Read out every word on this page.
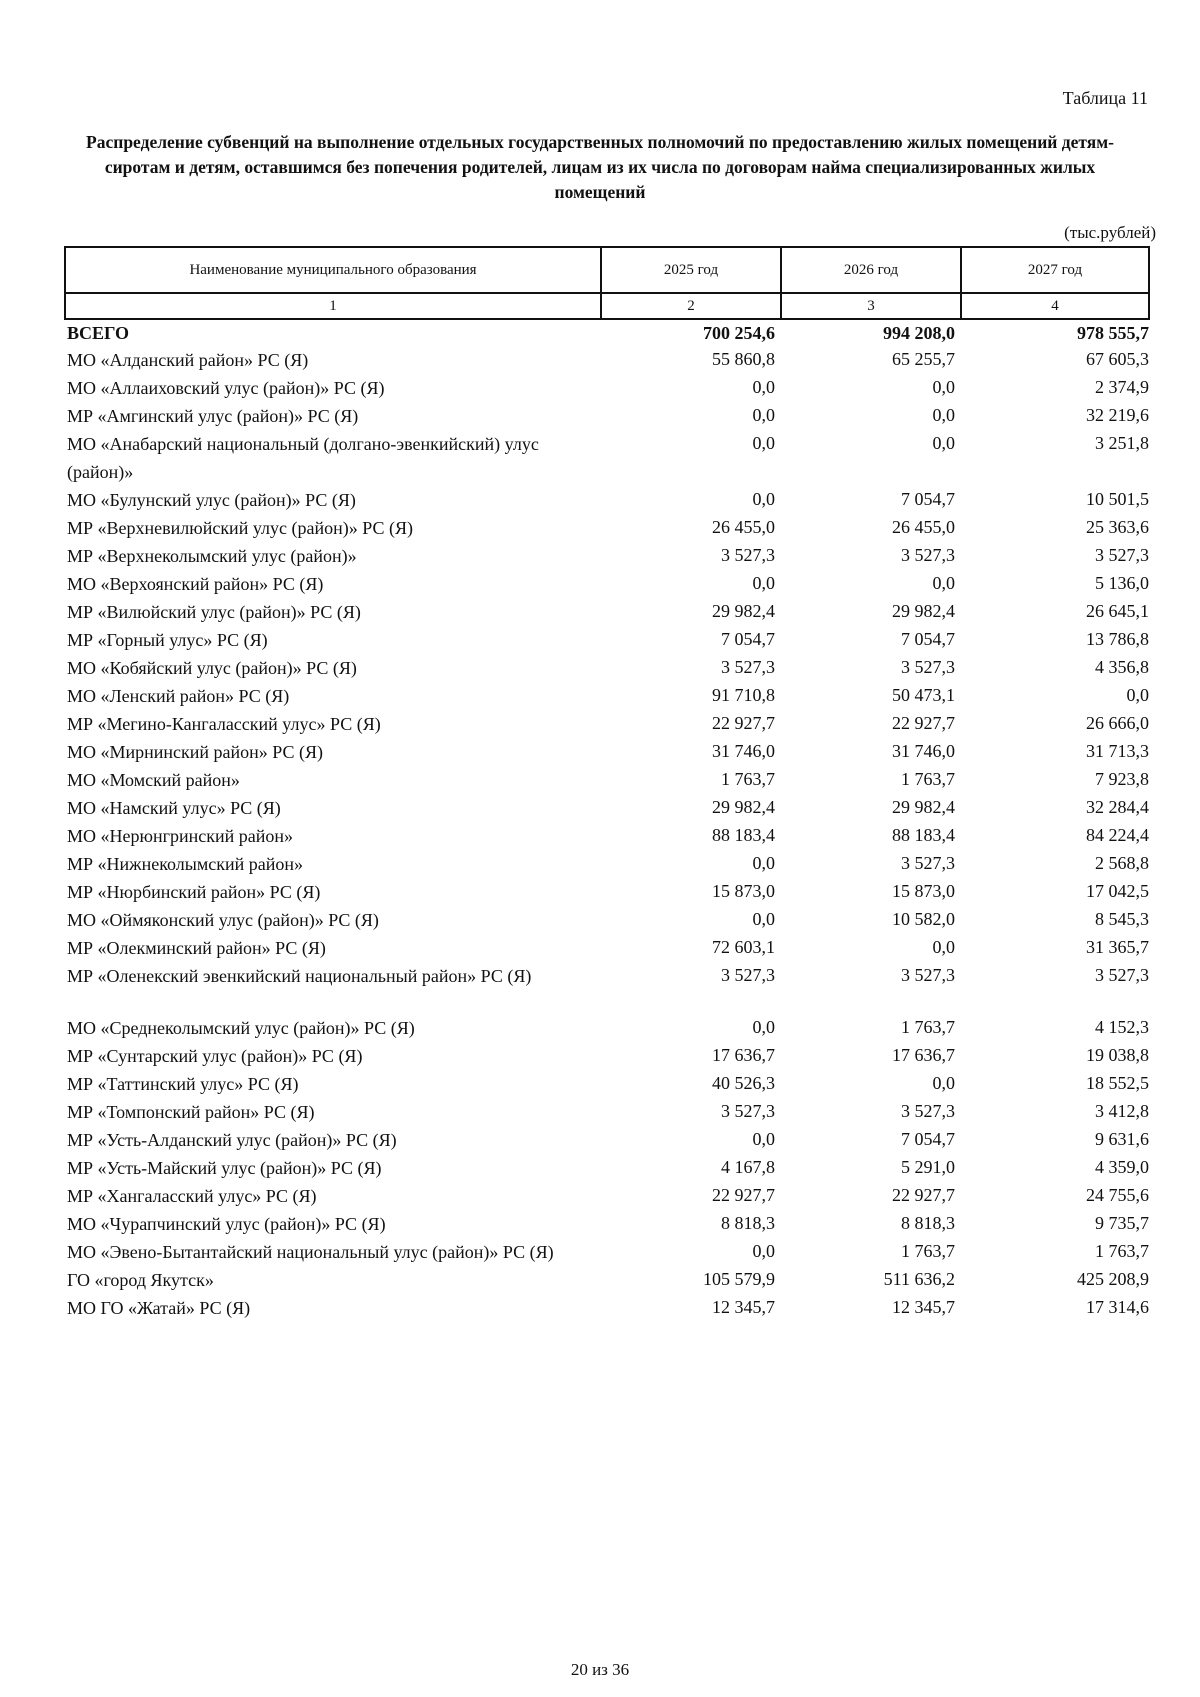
Таблица 11
Распределение субвенций на выполнение отдельных государственных полномочий по предоставлению жилых помещений детям-сиротам и детям, оставшимся без попечения родителей, лицам из их числа по договорам найма специализированных жилых помещений
(тыс.рублей)
Наименование муниципального образования	2025 год	2026 год	2027 год
1	2	3	4
ВСЕГО	700 254,6	994 208,0	978 555,7
МО «Алданский район» РС (Я)	55 860,8	65 255,7	67 605,3
МО «Аллаиховский улус (район)» РС (Я)	0,0	0,0	2 374,9
МР «Амгинский улус (район)» РС (Я)	0,0	0,0	32 219,6
МО «Анабарский национальный (долгано-эвенкийский) улус (район)»	0,0	0,0	3 251,8
МО «Булунский улус (район)» РС (Я)	0,0	7 054,7	10 501,5
МР «Верхневилюйский улус (район)» РС (Я)	26 455,0	26 455,0	25 363,6
МР «Верхнеколымский улус (район)»	3 527,3	3 527,3	3 527,3
МО «Верхоянский район» РС (Я)	0,0	0,0	5 136,0
МР «Вилюйский улус (район)» РС (Я)	29 982,4	29 982,4	26 645,1
МР «Горный улус» РС (Я)	7 054,7	7 054,7	13 786,8
МО «Кобяйский улус (район)» РС (Я)	3 527,3	3 527,3	4 356,8
МО «Ленский район» РС (Я)	91 710,8	50 473,1	0,0
МР «Мегино-Кангаласский улус» РС (Я)	22 927,7	22 927,7	26 666,0
МО «Мирнинский район» РС (Я)	31 746,0	31 746,0	31 713,3
МО «Момский район»	1 763,7	1 763,7	7 923,8
МО «Намский улус» РС (Я)	29 982,4	29 982,4	32 284,4
МО «Нерюнгринский район»	88 183,4	88 183,4	84 224,4
МР «Нижнеколымский район»	0,0	3 527,3	2 568,8
МР «Нюрбинский район» РС (Я)	15 873,0	15 873,0	17 042,5
МО «Оймяконский улус (район)» РС (Я)	0,0	10 582,0	8 545,3
МР «Олекминский район» РС (Я)	72 603,1	0,0	31 365,7
МР «Оленекский эвенкийский национальный район» РС (Я)	3 527,3	3 527,3	3 527,3

МО «Среднеколымский улус (район)» РС (Я)	0,0	1 763,7	4 152,3
МР «Сунтарский улус (район)» РС (Я)	17 636,7	17 636,7	19 038,8
МР «Таттинский улус» РС (Я)	40 526,3	0,0	18 552,5
МР «Томпонский район» РС (Я)	3 527,3	3 527,3	3 412,8
МР «Усть-Алданский улус (район)» РС (Я)	0,0	7 054,7	9 631,6
МР «Усть-Майский улус (район)» РС (Я)	4 167,8	5 291,0	4 359,0
МР «Хангаласский улус» РС (Я)	22 927,7	22 927,7	24 755,6
МО «Чурапчинский улус (район)» РС (Я)	8 818,3	8 818,3	9 735,7
МО «Эвено-Бытантайский национальный улус (район)» РС (Я)	0,0	1 763,7	1 763,7
ГО «город Якутск»	105 579,9	511 636,2	425 208,9
МО ГО «Жатай» РС (Я)	12 345,7	12 345,7	17 314,6
20 из 36
